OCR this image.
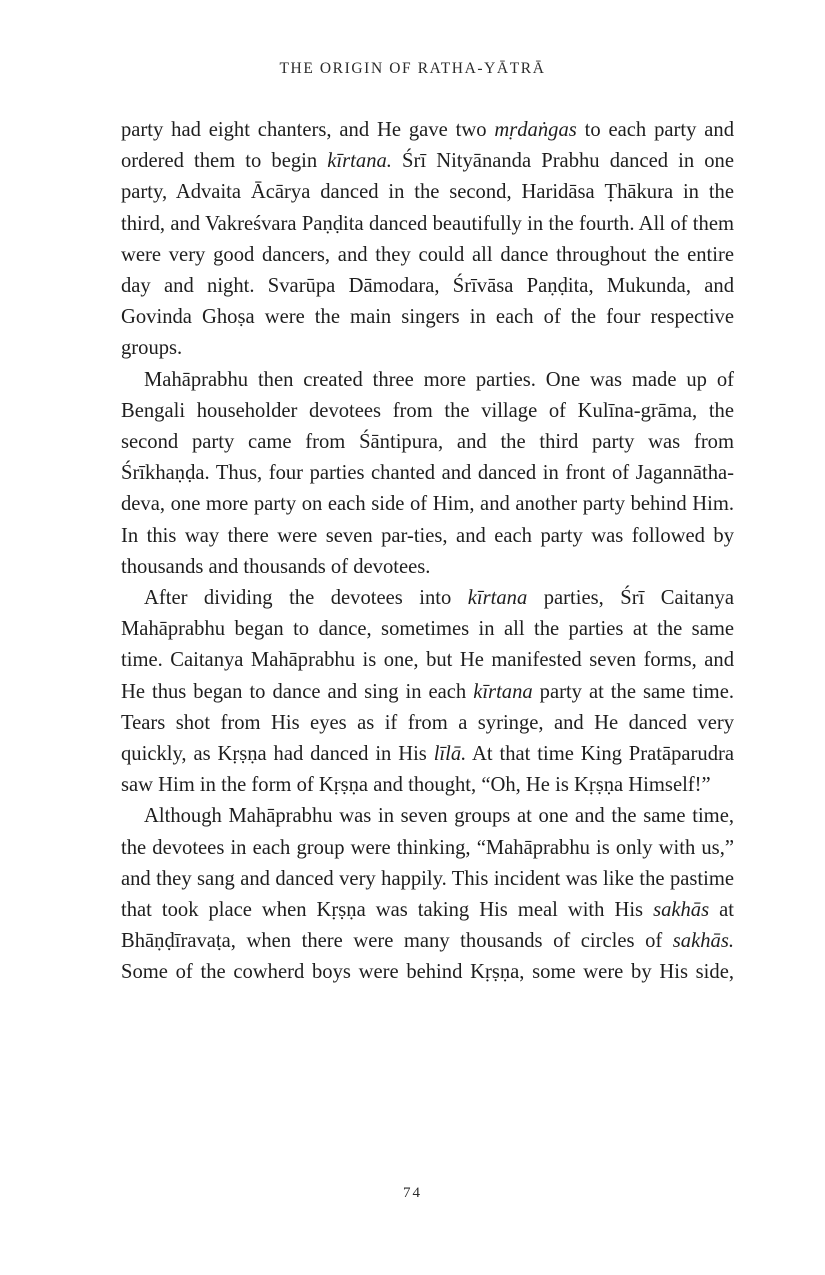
THE ORIGIN OF RATHA-YĀTRĀ

party had eight chanters, and He gave two mṛdaṅgas to each party and ordered them to begin kīrtana. Śrī Nityānanda Prabhu danced in one party, Advaita Ācārya danced in the second, Haridāsa Ṭhākura in the third, and Vakreśvara Paṇḍita danced beautifully in the fourth. All of them were very good dancers, and they could all dance throughout the entire day and night. Svarūpa Dāmodara, Śrīvāsa Paṇḍita, Mukunda, and Govinda Ghoṣa were the main singers in each of the four respective groups.

Mahāprabhu then created three more parties. One was made up of Bengali householder devotees from the village of Kulīna-grāma, the second party came from Śāntipura, and the third party was from Śrīkhaṇḍa. Thus, four parties chanted and danced in front of Jagannātha-deva, one more party on each side of Him, and another party behind Him. In this way there were seven par-ties, and each party was followed by thousands and thousands of devotees.

After dividing the devotees into kīrtana parties, Śrī Caitanya Mahāprabhu began to dance, sometimes in all the parties at the same time. Caitanya Mahāprabhu is one, but He manifested seven forms, and He thus began to dance and sing in each kīrtana party at the same time. Tears shot from His eyes as if from a syringe, and He danced very quickly, as Kṛṣṇa had danced in His līlā. At that time King Pratāparudra saw Him in the form of Kṛṣṇa and thought, “Oh, He is Kṛṣṇa Himself!”

Although Mahāprabhu was in seven groups at one and the same time, the devotees in each group were thinking, “Mahāprabhu is only with us,” and they sang and danced very happily. This incident was like the pastime that took place when Kṛṣṇa was taking His meal with His sakhās at Bhāṇḍīravaṭa, when there were many thousands of circles of sakhās. Some of the cowherd boys were behind Kṛṣṇa, some were by His side,

74
